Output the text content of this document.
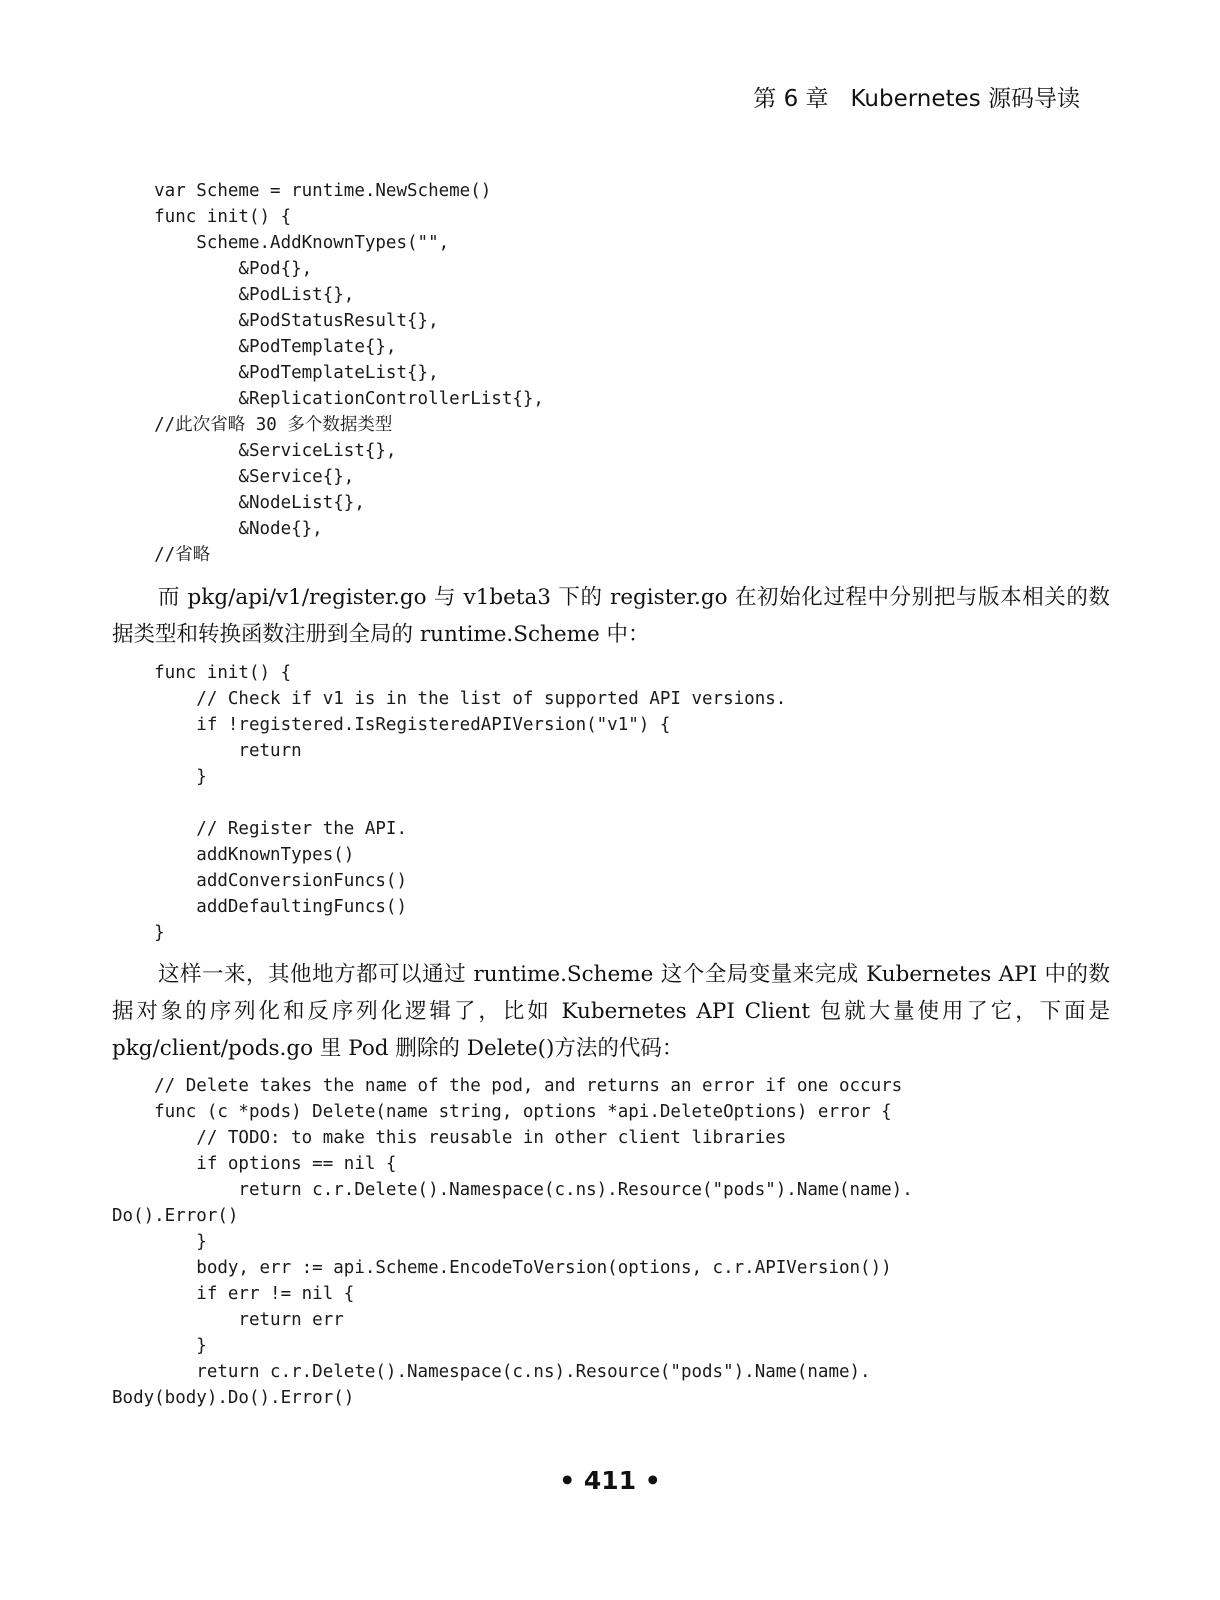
第 6 章 Kubernetes 源码导读
var Scheme = runtime.NewScheme()
func init() {
Scheme.AddKnownTypes("",
&Pod{},
&PodList{},
&PodStatusResult{},
&PodTemplate{},
&PodTemplateList{},
&ReplicationControllerList{},
//此次省略 30 多个数据类型
&ServiceList{},
&Service{},
&NodeList{},
&Node{},
//省略

而 pkg/api/v1/register.go 与 v1beta3 下的 register.go 在初始化过程中分别把与版本相关的数据类型和转换函数注册到全局的 runtime.Scheme 中：

func init() {
// Check if v1 is in the list of supported API versions.
if !registered.IsRegisteredAPIVersion("v1") {
return
}
// Register the API.
addKnownTypes()
addConversionFuncs()
addDefaultingFuncs()
}

这样一来，其他地方都可以通过 runtime.Scheme 这个全局变量来完成 Kubernetes API 中的数据对象的序列化和反序列化逻辑了，比如 Kubernetes API Client 包就大量使用了它，下面是 pkg/client/pods.go 里 Pod 删除的 Delete()方法的代码：

// Delete takes the name of the pod, and returns an error if one occurs
func (c *pods) Delete(name string, options *api.DeleteOptions) error {
// TODO: to make this reusable in other client libraries
if options == nil {
return c.r.Delete().Namespace(c.ns).Resource("pods").Name(name).
Do().Error()
}
body, err := api.Scheme.EncodeToVersion(options, c.r.APIVersion())
if err != nil {
return err
}
return c.r.Delete().Namespace(c.ns).Resource("pods").Name(name).
Body(body).Do().Error()
• 411 •
